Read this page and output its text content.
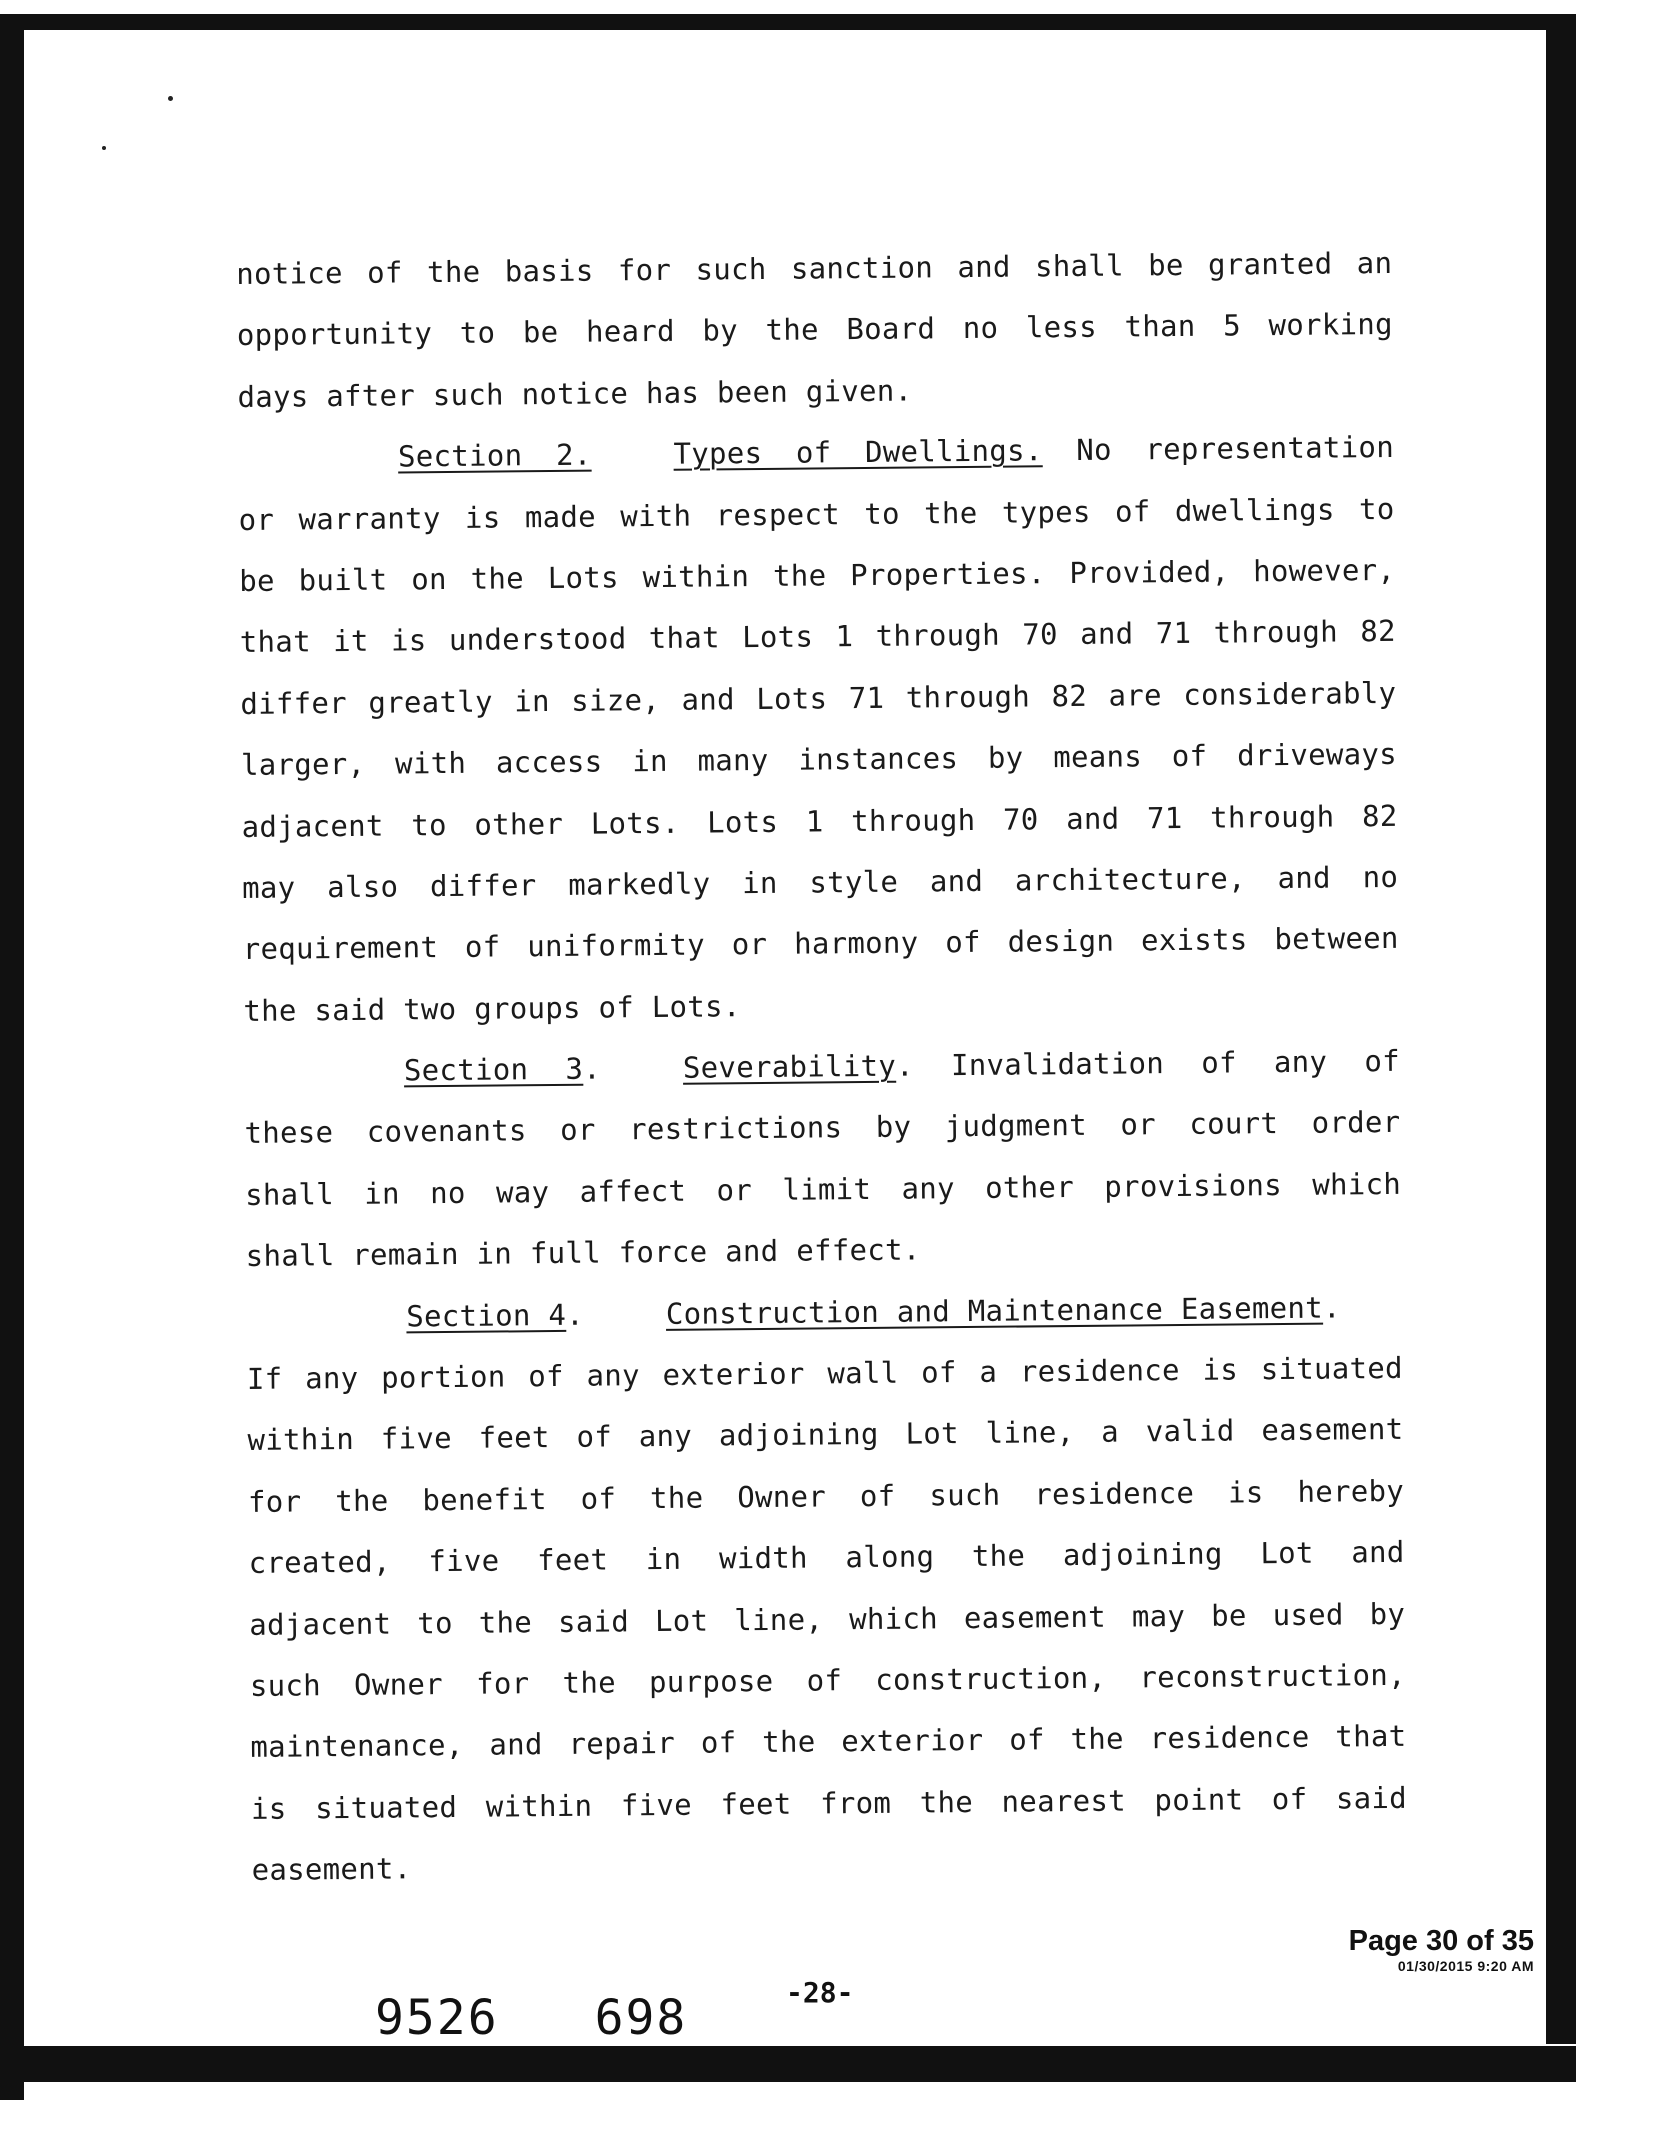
notice of the basis for such sanction and shall be granted an
opportunity to be heard by the Board no less than 5 working
days after such notice has been given.
Section 2.	Types of Dwellings. No representation
or warranty is made with respect to the types of dwellings to
be built on the Lots within the Properties. Provided, however,
that it is understood that Lots 1 through 70 and 71 through 82
differ greatly in size, and Lots 71 through 82 are considerably
larger, with access in many instances by means of driveways
adjacent to other Lots. Lots 1 through 70 and 71 through 82
may also differ markedly in style and architecture, and no
requirement of uniformity or harmony of design exists between
the said two groups of Lots.
Section 3.	Severability. Invalidation of any of
these covenants or restrictions by judgment or court order
shall in no way affect or limit any other provisions which
shall remain in full force and effect.
Section 4.	Construction and Maintenance Easement.
If any portion of any exterior wall of a residence is situated
within five feet of any adjoining Lot line, a valid easement
for the benefit of the Owner of such residence is hereby
created, five feet in width along the adjoining Lot and
adjacent to the said Lot line, which easement may be used by
such Owner for the purpose of construction, reconstruction,
maintenance, and repair of the exterior of the residence that
is situated within five feet from the nearest point of said
easement.
Page 30 of 35
01/30/2015 9:20 AM
9526 698	-28-
